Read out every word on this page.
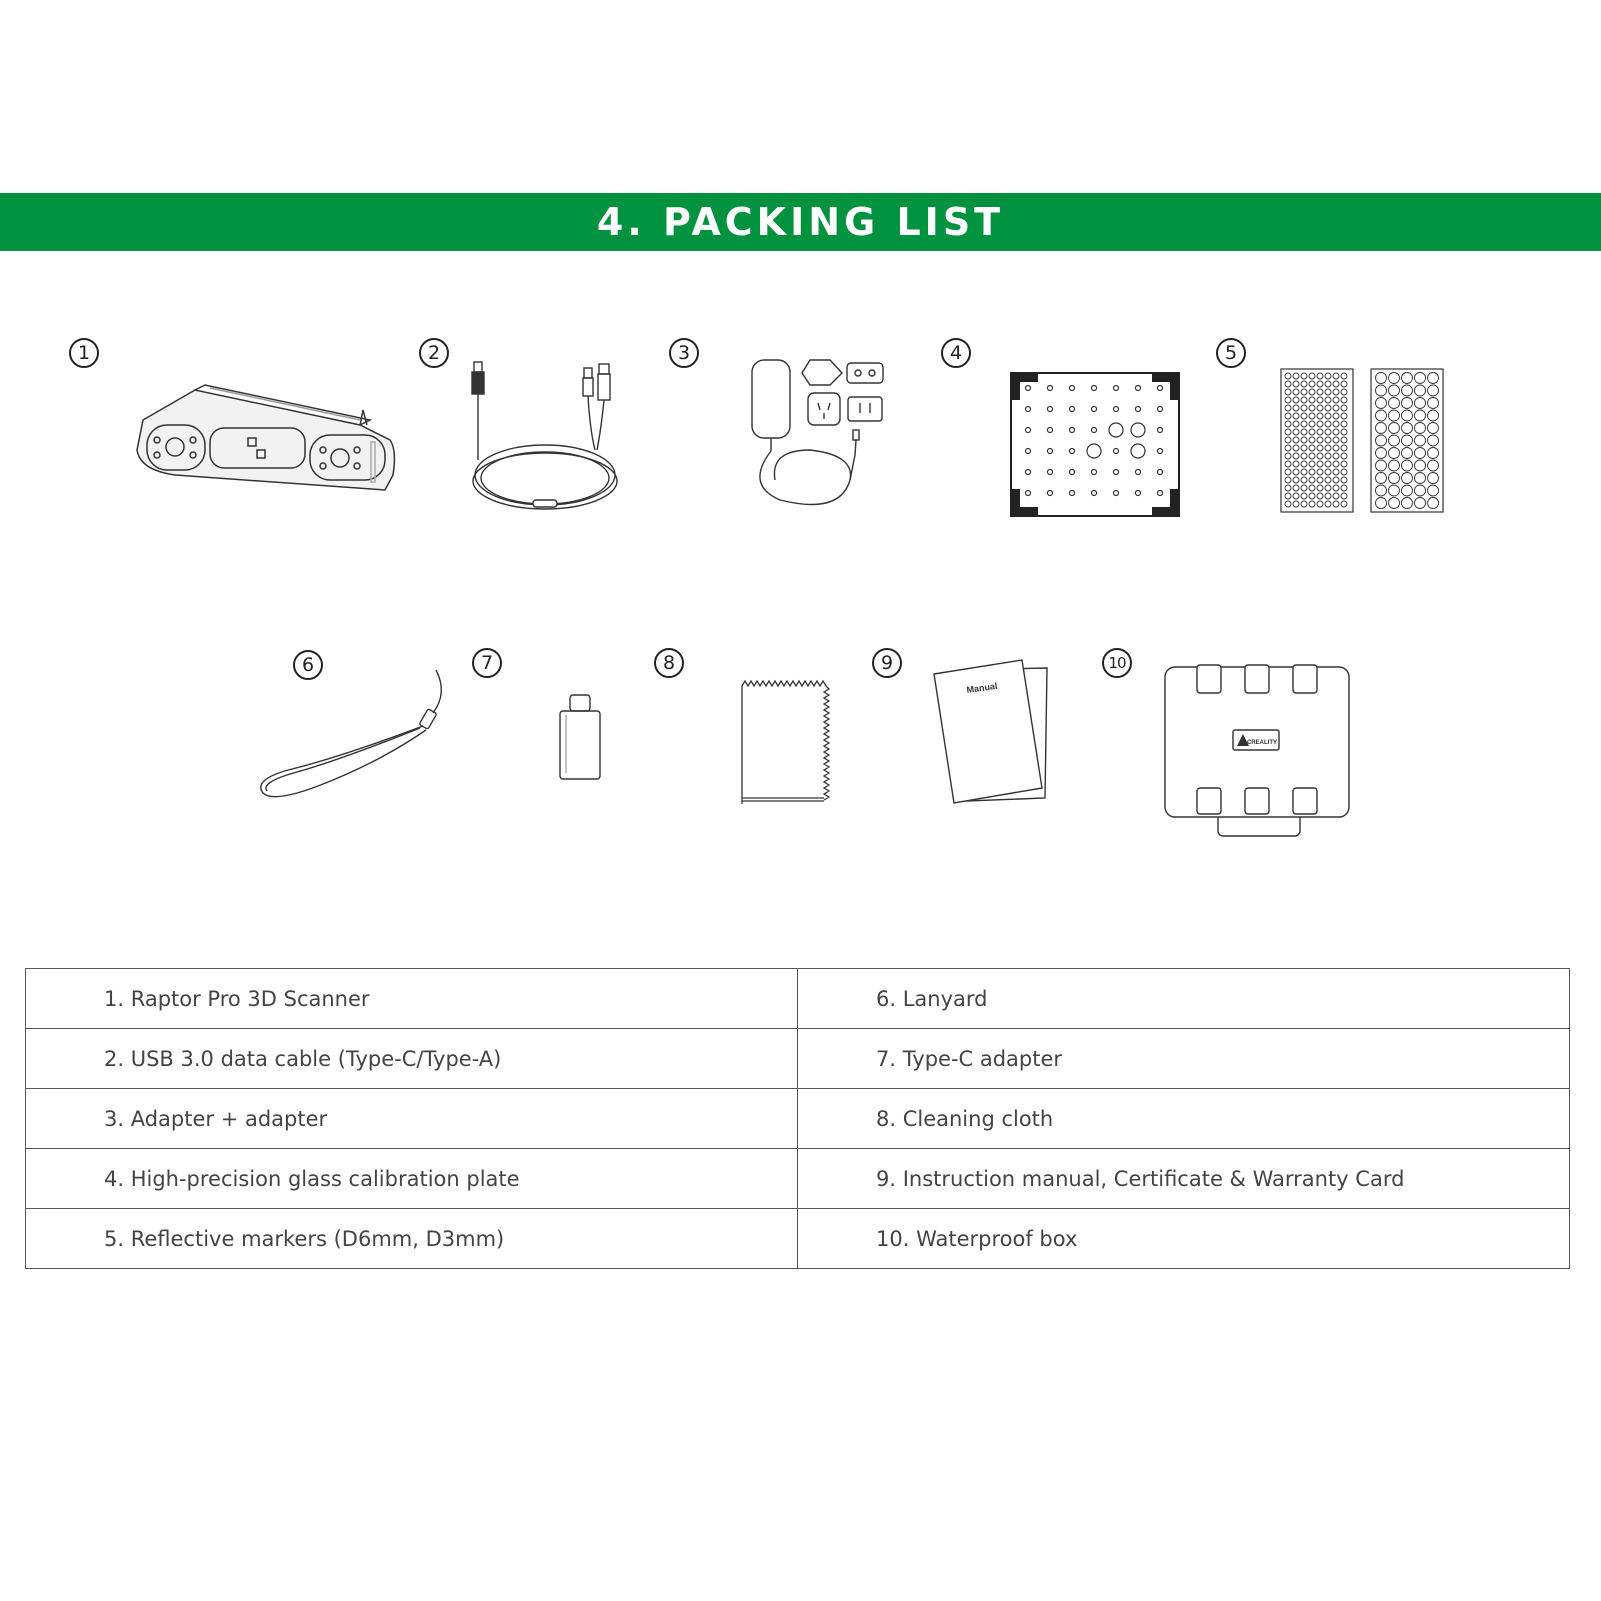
4. PACKING LIST
1	2	3	4	5
6	7	8	9	10
Manual
CREALITY
1. Raptor Pro 3D Scanner	6. Lanyard
2. USB 3.0 data cable (Type-C/Type-A)	7. Type-C adapter
3. Adapter + adapter	8. Cleaning cloth
4. High-precision glass calibration plate	9. Instruction manual, Certificate & Warranty Card
5. Reflective markers (D6mm, D3mm)	10. Waterproof box
